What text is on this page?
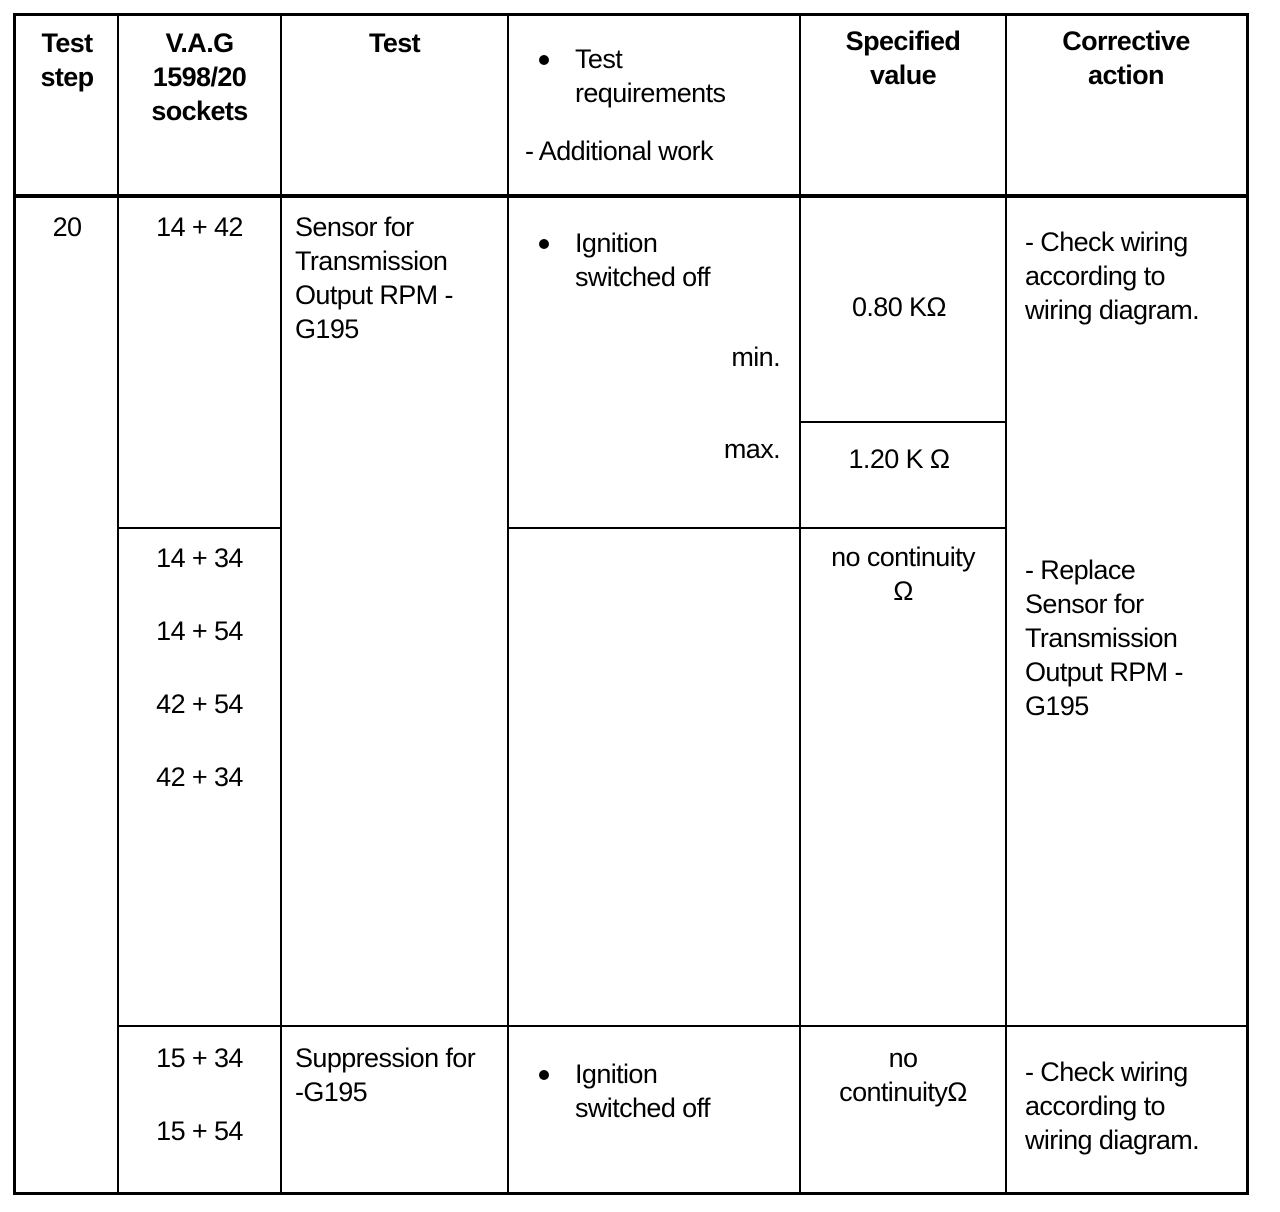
Test
step
V.A.G
1598/20
sockets
Test
Test
requirements
- Additional work
Specified
value
Corrective
action
20	14 + 42	Sensor for
Transmission
Output RPM -
G195
Ignition
switched off
min.
max.
0.80 KΩ
1.20 K Ω
- Check wiring
according to
wiring diagram.
14 + 34
14 + 54
42 + 54
42 + 34
no continuity
Ω
- Replace
Sensor for
Transmission
Output RPM -
G195
15 + 34
15 + 54
Suppression for
-G195
Ignition
switched off
no
continuityΩ
- Check wiring
according to
wiring diagram.
